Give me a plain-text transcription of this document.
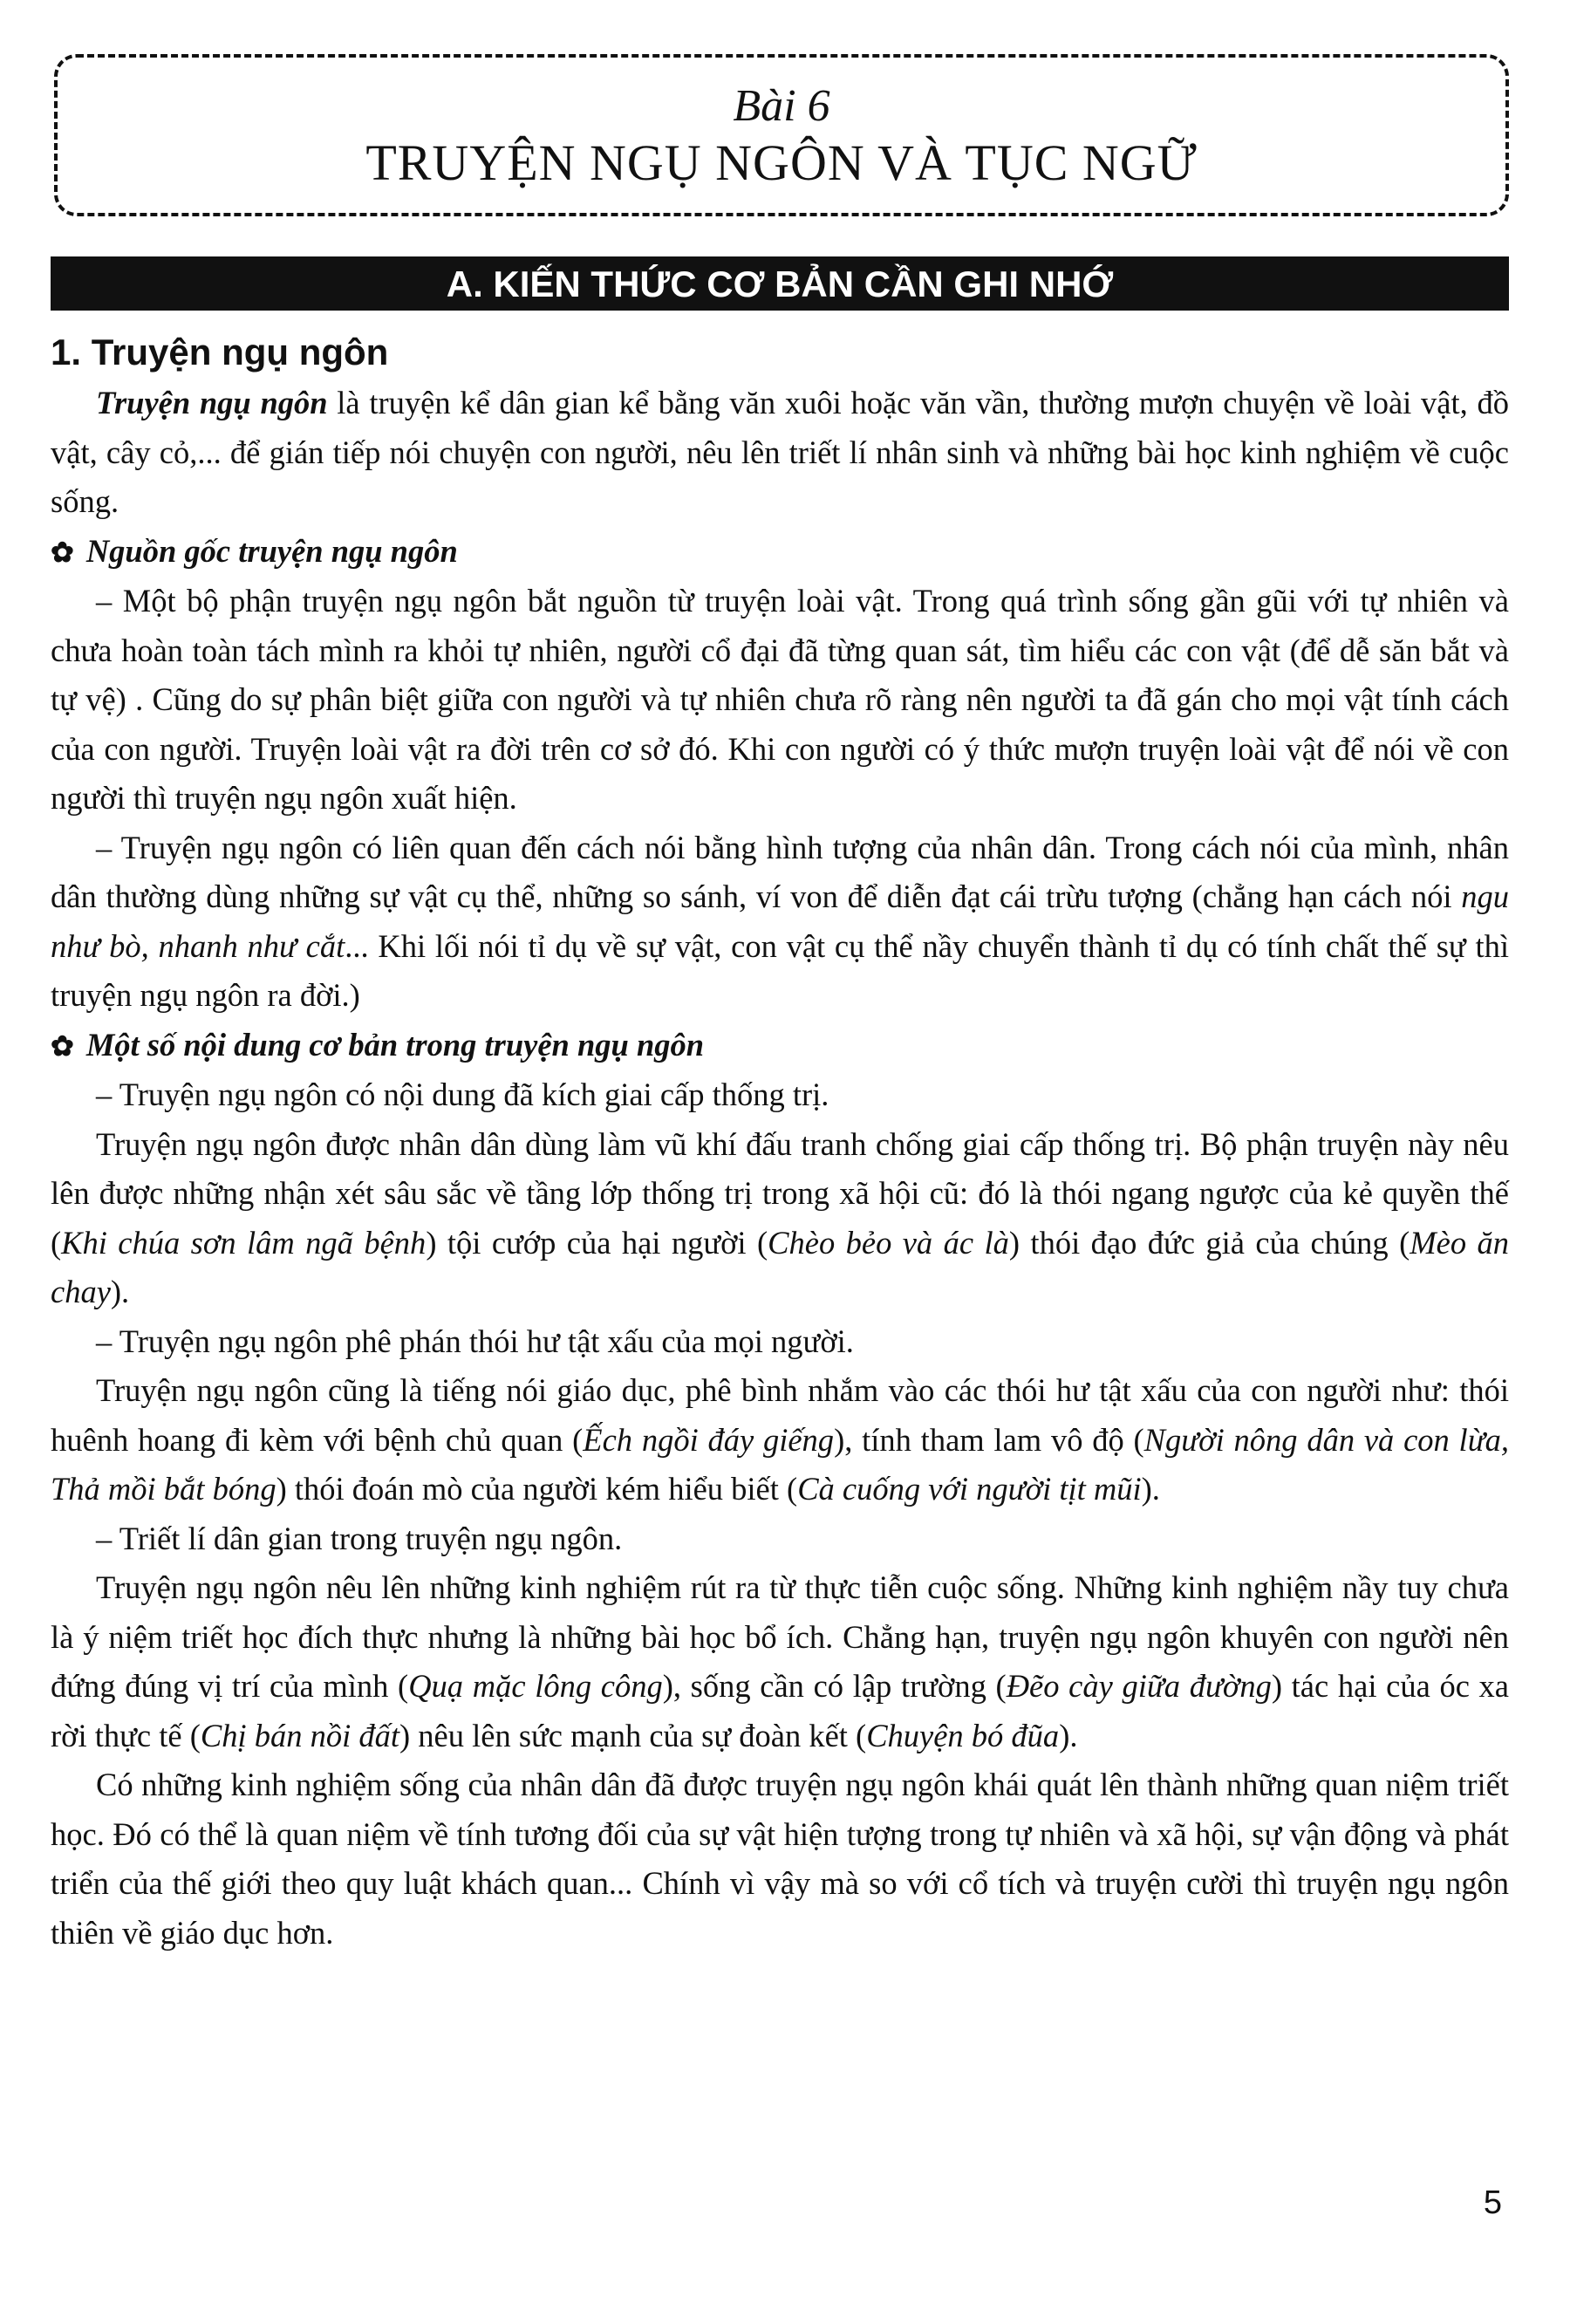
Bài 6
TRUYỆN NGỤ NGÔN VÀ TỤC NGỮ
A. KIẾN THỨC CƠ BẢN CẦN GHI NHỚ

1. Truyện ngụ ngôn

Truyện ngụ ngôn là truyện kể dân gian kể bằng văn xuôi hoặc văn vần, thường mượn chuyện về loài vật, đồ vật, cây cỏ,... để gián tiếp nói chuyện con người, nêu lên triết lí nhân sinh và những bài học kinh nghiệm về cuộc sống.

✿ Nguồn gốc truyện ngụ ngôn

– Một bộ phận truyện ngụ ngôn bắt nguồn từ truyện loài vật. Trong quá trình sống gần gũi với tự nhiên và chưa hoàn toàn tách mình ra khỏi tự nhiên, người cổ đại đã từng quan sát, tìm hiểu các con vật (để dễ săn bắt và tự vệ) . Cũng do sự phân biệt giữa con người và tự nhiên chưa rõ ràng nên người ta đã gán cho mọi vật tính cách của con người. Truyện loài vật ra đời trên cơ sở đó. Khi con người có ý thức mượn truyện loài vật để nói về con người thì truyện ngụ ngôn xuất hiện.

– Truyện ngụ ngôn có liên quan đến cách nói bằng hình tượng của nhân dân. Trong cách nói của mình, nhân dân thường dùng những sự vật cụ thể, những so sánh, ví von để diễn đạt cái trừu tượng (chẳng hạn cách nói ngu như bò, nhanh như cắt... Khi lối nói tỉ dụ về sự vật, con vật cụ thể nầy chuyển thành tỉ dụ có tính chất thế sự thì truyện ngụ ngôn ra đời.)

✿ Một số nội dung cơ bản trong truyện ngụ ngôn

– Truyện ngụ ngôn có nội dung đã kích giai cấp thống trị.

Truyện ngụ ngôn được nhân dân dùng làm vũ khí đấu tranh chống giai cấp thống trị. Bộ phận truyện này nêu lên được những nhận xét sâu sắc về tầng lớp thống trị trong xã hội cũ: đó là thói ngang ngược của kẻ quyền thế (Khi chúa sơn lâm ngã bệnh) tội cướp của hại người (Chèo bẻo và ác là) thói đạo đức giả của chúng (Mèo ăn chay).

– Truyện ngụ ngôn phê phán thói hư tật xấu của mọi người.

Truyện ngụ ngôn cũng là tiếng nói giáo dục, phê bình nhắm vào các thói hư tật xấu của con người như: thói huênh hoang đi kèm với bệnh chủ quan (Ếch ngồi đáy giếng), tính tham lam vô độ (Người nông dân và con lừa, Thả mồi bắt bóng) thói đoán mò của người kém hiểu biết (Cà cuống với người tịt mũi).

– Triết lí dân gian trong truyện ngụ ngôn.

Truyện ngụ ngôn nêu lên những kinh nghiệm rút ra từ thực tiễn cuộc sống. Những kinh nghiệm nầy tuy chưa là ý niệm triết học đích thực nhưng là những bài học bổ ích. Chẳng hạn, truyện ngụ ngôn khuyên con người nên đứng đúng vị trí của mình (Quạ mặc lông công), sống cần có lập trường (Đẽo cày giữa đường) tác hại của óc xa rời thực tế (Chị bán nồi đất) nêu lên sức mạnh của sự đoàn kết (Chuyện bó đũa).

Có những kinh nghiệm sống của nhân dân đã được truyện ngụ ngôn khái quát lên thành những quan niệm triết học. Đó có thể là quan niệm về tính tương đối của sự vật hiện tượng trong tự nhiên và xã hội, sự vận động và phát triển của thế giới theo quy luật khách quan... Chính vì vậy mà so với cổ tích và truyện cười thì truyện ngụ ngôn thiên về giáo dục hơn.

5
